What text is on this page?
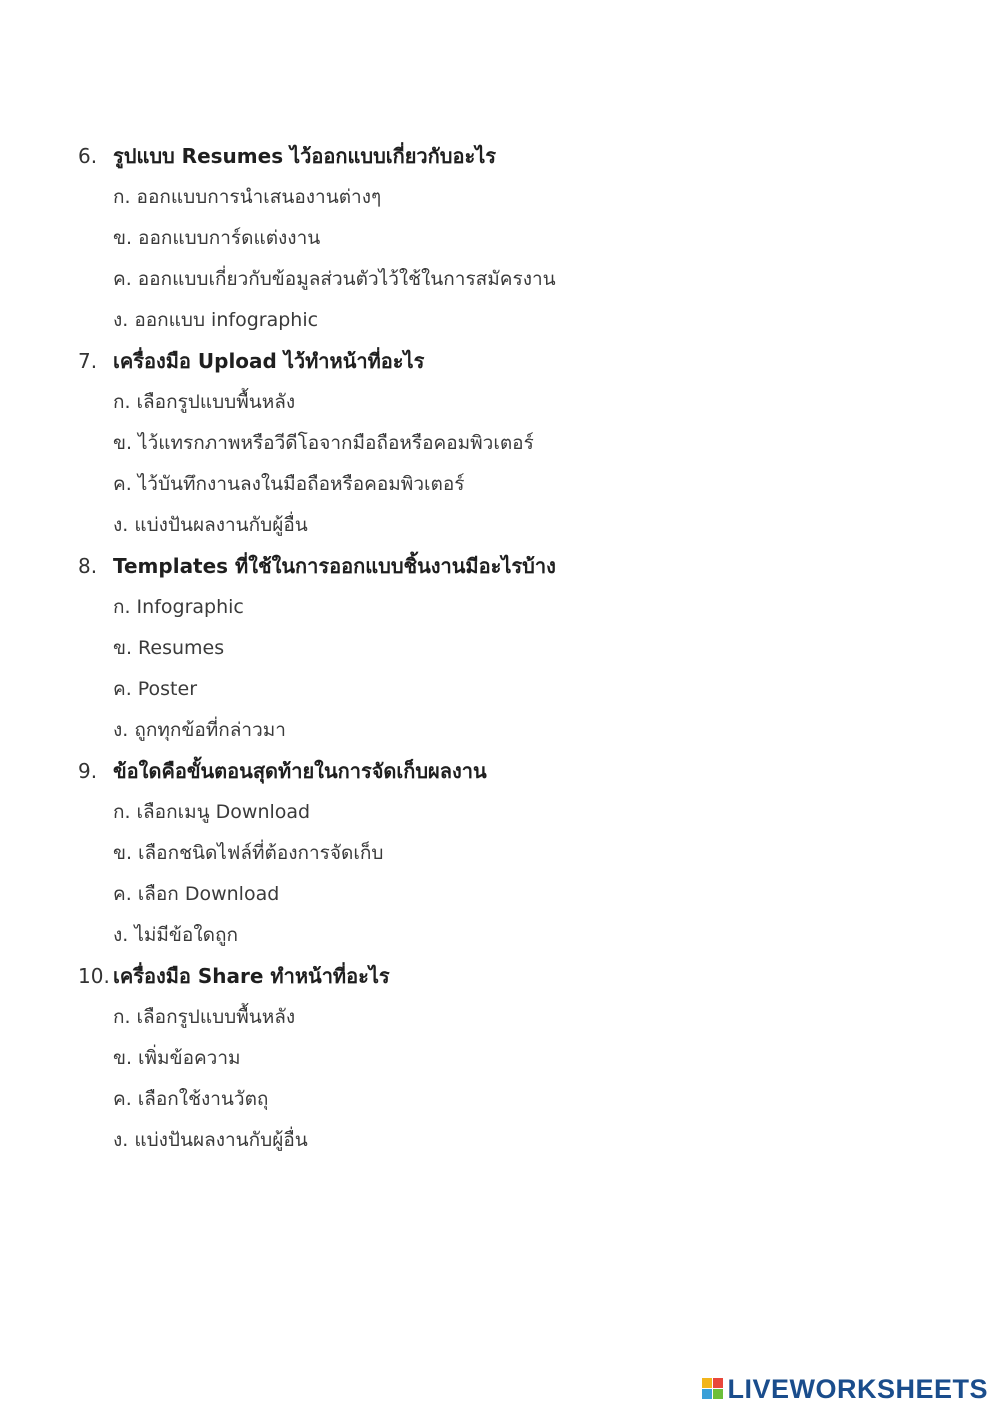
6. รูปแบบ Resumes ไว้ออกแบบเกี่ยวกับอะไร
ก. ออกแบบการนำเสนองานต่างๆ
ข. ออกแบบการ์ดแต่งงาน
ค. ออกแบบเกี่ยวกับข้อมูลส่วนตัวไว้ใช้ในการสมัครงาน
ง. ออกแบบ infographic
7. เครื่องมือ Upload ไว้ทำหน้าที่อะไร
ก. เลือกรูปแบบพื้นหลัง
ข. ไว้แทรกภาพหรือวีดีโอจากมือถือหรือคอมพิวเตอร์
ค. ไว้บันทึกงานลงในมือถือหรือคอมพิวเตอร์
ง. แบ่งปันผลงานกับผู้อื่น
8. Templates ที่ใช้ในการออกแบบชิ้นงานมีอะไรบ้าง
ก. Infographic
ข. Resumes
ค. Poster
ง. ถูกทุกข้อที่กล่าวมา
9. ข้อใดคือขั้นตอนสุดท้ายในการจัดเก็บผลงาน
ก. เลือกเมนู Download
ข. เลือกชนิดไฟล์ที่ต้องการจัดเก็บ
ค. เลือก Download
ง. ไม่มีข้อใดถูก
10. เครื่องมือ Share ทำหน้าที่อะไร
ก. เลือกรูปแบบพื้นหลัง
ข. เพิ่มข้อความ
ค. เลือกใช้งานวัตถุ
ง. แบ่งปันผลงานกับผู้อื่น
LIVEWORKSHEETS
